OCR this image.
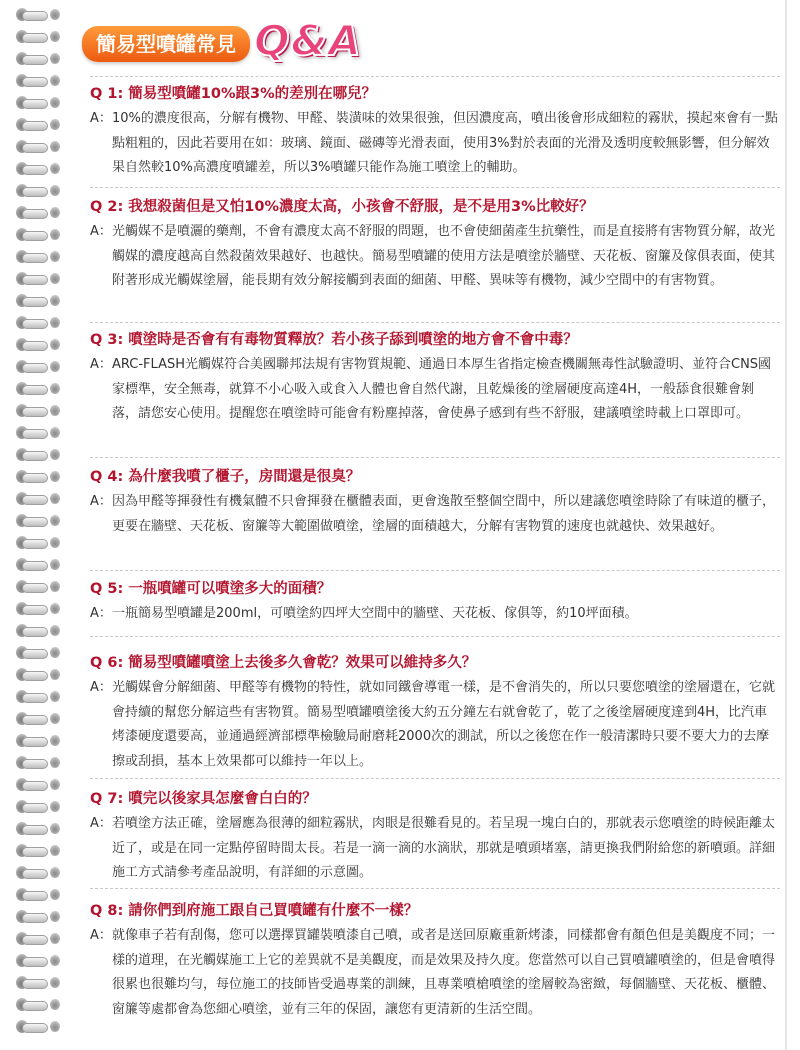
簡易型噴罐常見 Q&A
Q 1: 簡易型噴罐10%跟3%的差別在哪兒？
A： 10%的濃度很高，分解有機物、甲醛、裝潢味的效果很強，但因濃度高，噴出後會形成細粒的霧狀，摸起來會有一點點粗粗的，因此若要用在如：玻璃、鏡面、磁磚等光滑表面，使用3%對於表面的光滑及透明度較無影響，但分解效果自然較10%高濃度噴罐差，所以3%噴罐只能作為施工噴塗上的輔助。
Q 2: 我想殺菌但是又怕10%濃度太高，小孩會不舒服，是不是用3%比較好？
A： 光觸媒不是噴灑的藥劑，不會有濃度太高不舒服的問題，也不會使細菌產生抗藥性，而是直接將有害物質分解，故光觸媒的濃度越高自然殺菌效果越好、也越快。簡易型噴罐的使用方法是噴塗於牆壁、天花板、窗簾及傢俱表面，使其附著形成光觸媒塗層，能長期有效分解接觸到表面的細菌、甲醛、異味等有機物，減少空間中的有害物質。
Q 3: 噴塗時是否會有有毒物質釋放？若小孩子舔到噴塗的地方會不會中毒？
A： ARC-FLASH光觸媒符合美國聯邦法規有害物質規範、通過日本厚生省指定檢查機關無毒性試驗證明、並符合CNS國家標準，安全無毒，就算不小心吸入或食入人體也會自然代謝，且乾燥後的塗層硬度高達4H，一般舔食很難會剝落，請您安心使用。提醒您在噴塗時可能會有粉塵掉落，會使鼻子感到有些不舒服，建議噴塗時載上口罩即可。
Q 4: 為什麼我噴了櫃子，房間還是很臭？
A： 因為甲醛等揮發性有機氣體不只會揮發在櫃體表面，更會逸散至整個空間中，所以建議您噴塗時除了有味道的櫃子，更要在牆壁、天花板、窗簾等大範圍做噴塗，塗層的面積越大，分解有害物質的速度也就越快、效果越好。
Q 5: 一瓶噴罐可以噴塗多大的面積？
A： 一瓶簡易型噴罐是200ml，可噴塗約四坪大空間中的牆壁、天花板、傢俱等，約10坪面積。
Q 6: 簡易型噴罐噴塗上去後多久會乾？效果可以維持多久？
A： 光觸媒會分解細菌、甲醛等有機物的特性，就如同鐵會導電一樣，是不會消失的，所以只要您噴塗的塗層還在，它就會持續的幫您分解這些有害物質。簡易型噴罐噴塗後大約五分鐘左右就會乾了，乾了之後塗層硬度達到4H，比汽車烤漆硬度還要高，並通過經濟部標準檢驗局耐磨耗2000次的測試，所以之後您在作一般清潔時只要不要大力的去摩擦或刮損，基本上效果都可以維持一年以上。
Q 7: 噴完以後家具怎麼會白白的？
A： 若噴塗方法正確，塗層應為很薄的細粒霧狀，肉眼是很難看見的。若呈現一塊白白的，那就表示您噴塗的時候距離太近了，或是在同一定點停留時間太長。若是一滴一滴的水滴狀，那就是噴頭堵塞，請更換我們附給您的新噴頭。詳細施工方式請參考產品說明，有詳細的示意圖。
Q 8: 請你們到府施工跟自己買噴罐有什麼不一樣？
A： 就像車子若有刮傷，您可以選擇買罐裝噴漆自己噴，或者是送回原廠重新烤漆，同樣都會有顏色但是美觀度不同；一樣的道理，在光觸媒施工上它的差異就不是美觀度，而是效果及持久度。您當然可以自己買噴罐噴塗的，但是會噴得很累也很難均勻，每位施工的技師皆受過專業的訓練，且專業噴槍噴塗的塗層較為密緻，每個牆壁、天花板、櫃體、窗簾等處都會為您細心噴塗，並有三年的保固，讓您有更清新的生活空間。
